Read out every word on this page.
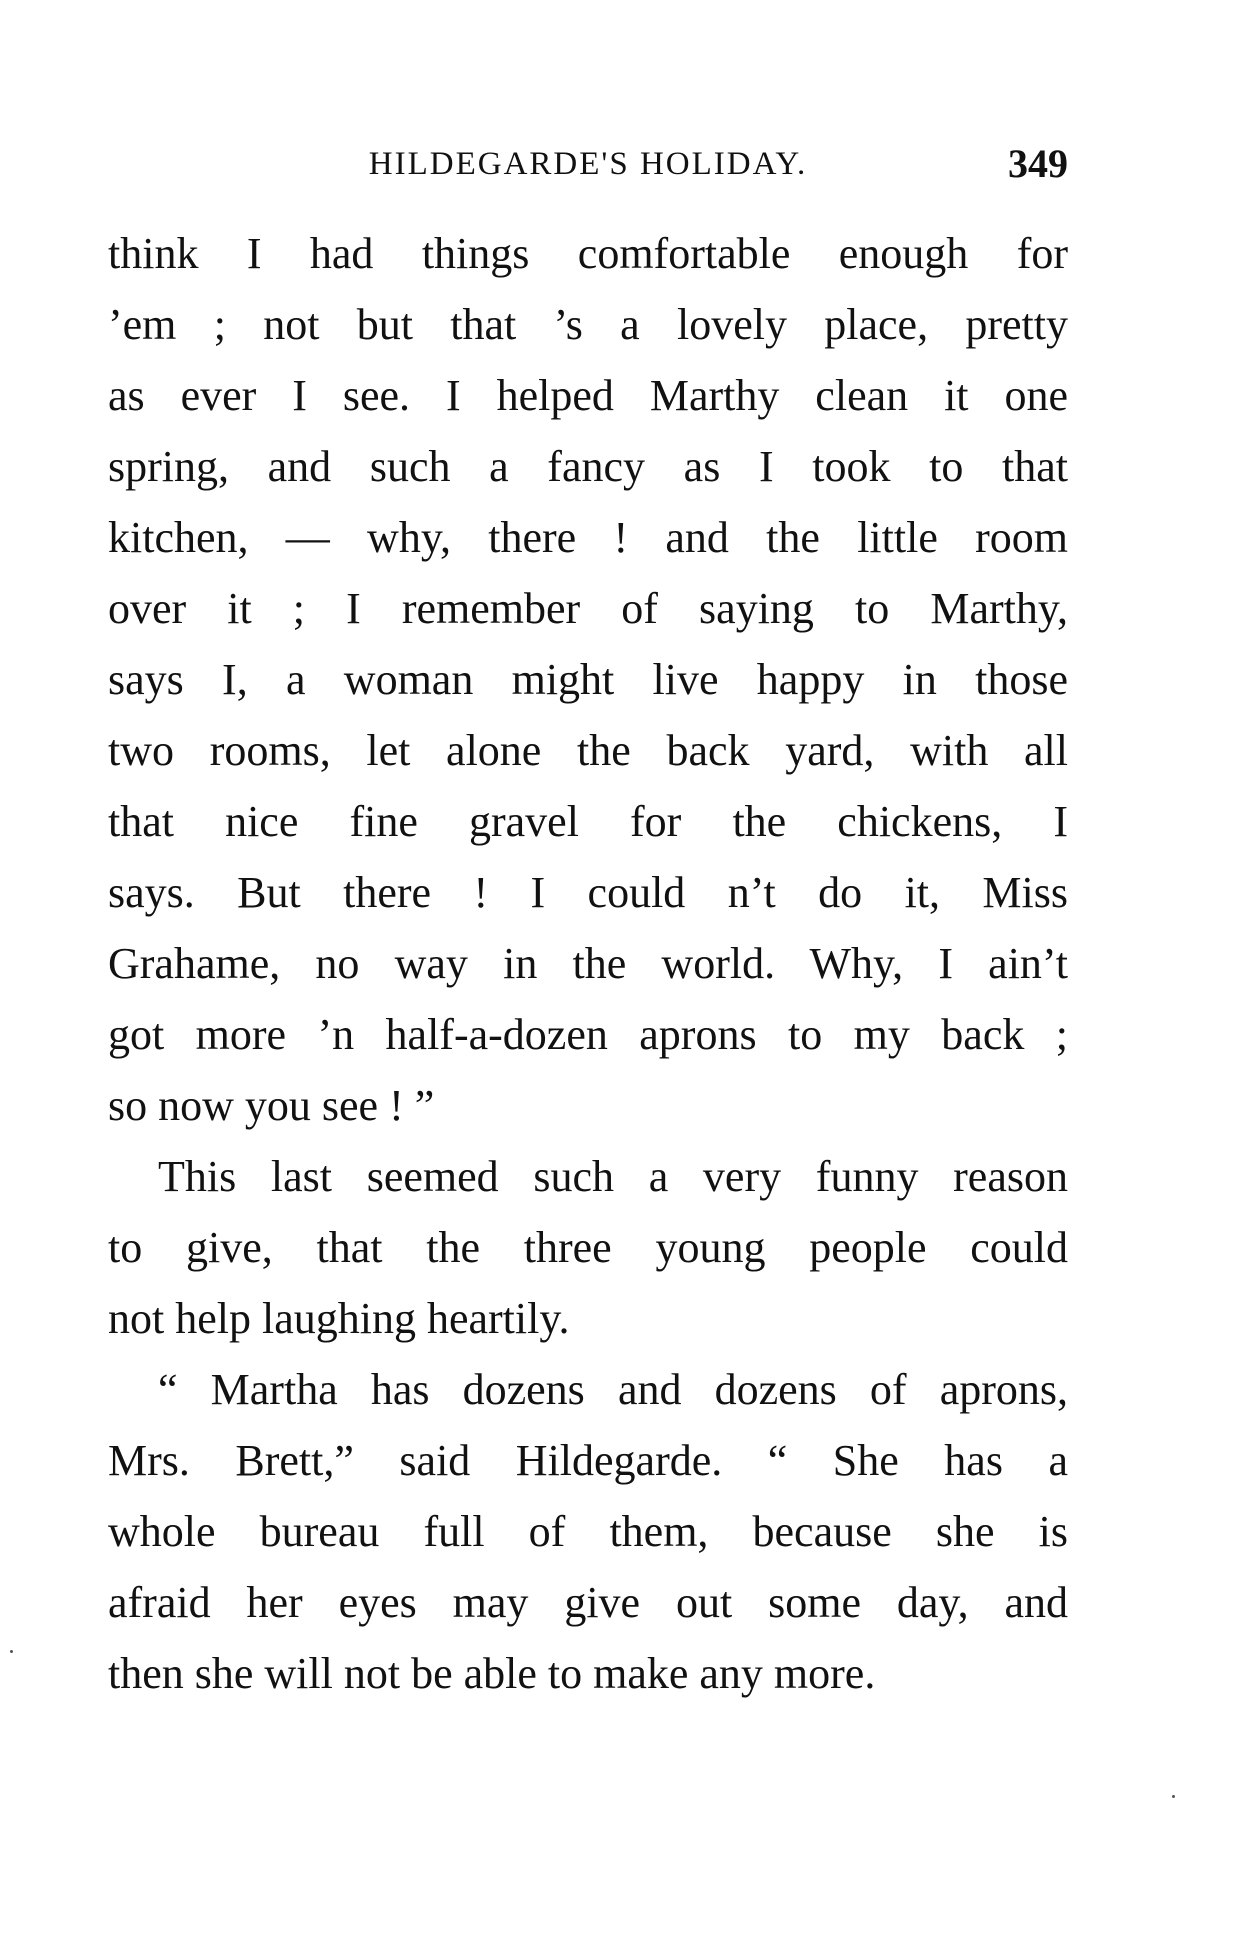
HILDEGARDE'S HOLIDAY.	349
think I had things comfortable enough for
’em ; not but that ’s a lovely place, pretty
as ever I see. I helped Marthy clean it one
spring, and such a fancy as I took to that
kitchen, — why, there ! and the little room
over it ; I remember of saying to Marthy,
says I, a woman might live happy in those
two rooms, let alone the back yard, with all
that nice fine gravel for the chickens, I
says. But there ! I could n’t do it, Miss
Grahame, no way in the world. Why, I ain’t
got more ’n half-a-dozen aprons to my back ;
so now you see ! ”
This last seemed such a very funny reason
to give, that the three young people could
not help laughing heartily.
“ Martha has dozens and dozens of aprons,
Mrs. Brett,” said Hildegarde. “ She has a
whole bureau full of them, because she is
afraid her eyes may give out some day, and
then she will not be able to make any more.
